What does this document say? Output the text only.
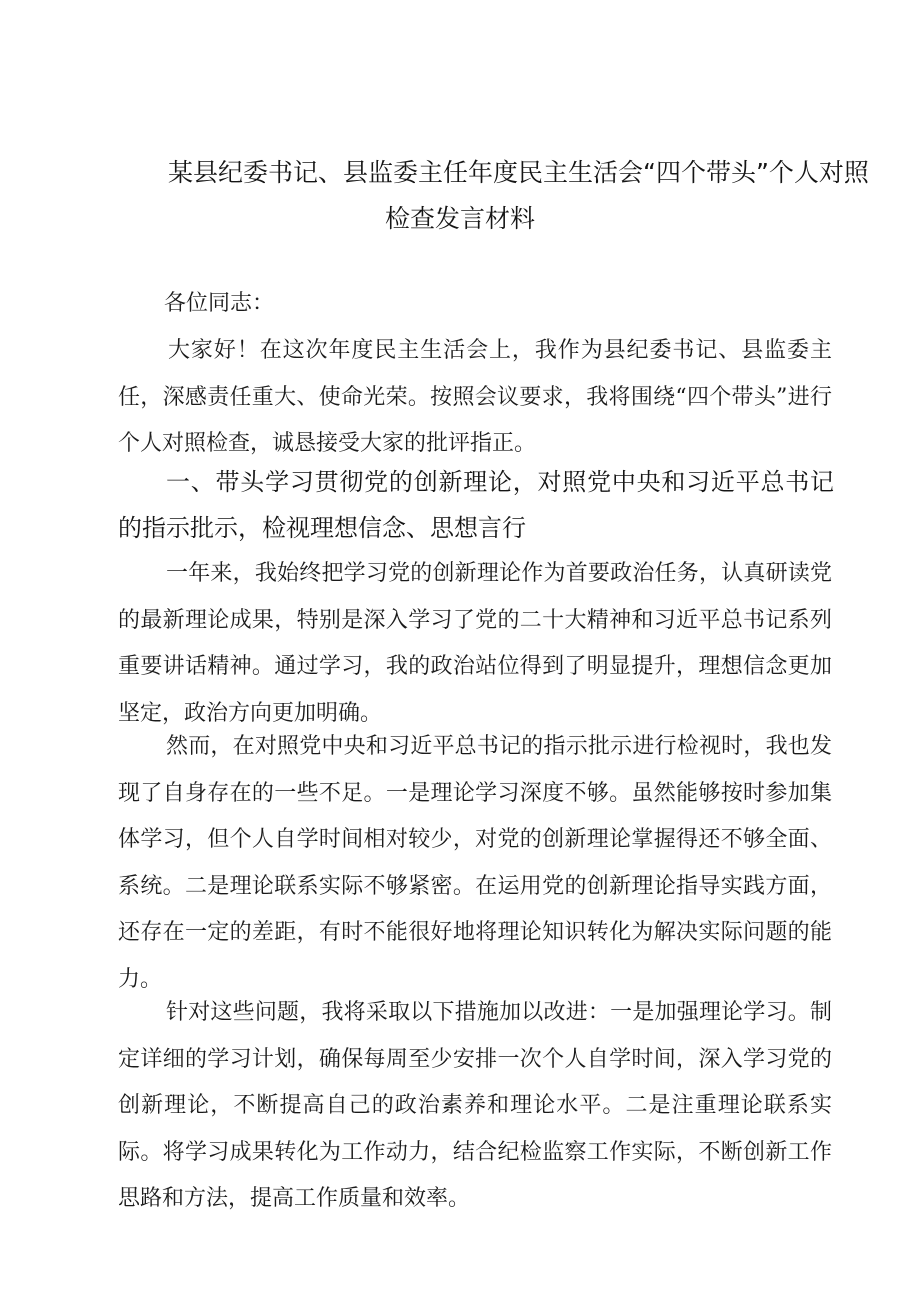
某县纪委书记、县监委主任年度民主生活会“四个带头”个人对照
检查发言材料
各位同志：
大家好！在这次年度民主生活会上，我作为县纪委书记、县监委主任，深感责任重大、使命光荣。按照会议要求，我将围绕“四个带头”进行个人对照检查，诚恳接受大家的批评指正。
一、带头学习贯彻党的创新理论，对照党中央和习近平总书记的指示批示，检视理想信念、思想言行
一年来，我始终把学习党的创新理论作为首要政治任务，认真研读党的最新理论成果，特别是深入学习了党的二十大精神和习近平总书记系列重要讲话精神。通过学习，我的政治站位得到了明显提升，理想信念更加坚定，政治方向更加明确。
然而，在对照党中央和习近平总书记的指示批示进行检视时，我也发现了自身存在的一些不足。一是理论学习深度不够。虽然能够按时参加集体学习，但个人自学时间相对较少，对党的创新理论掌握得还不够全面、系统。二是理论联系实际不够紧密。在运用党的创新理论指导实践方面，还存在一定的差距，有时不能很好地将理论知识转化为解决实际问题的能力。
针对这些问题，我将采取以下措施加以改进：一是加强理论学习。制定详细的学习计划，确保每周至少安排一次个人自学时间，深入学习党的创新理论，不断提高自己的政治素养和理论水平。二是注重理论联系实际。将学习成果转化为工作动力，结合纪检监察工作实际，不断创新工作思路和方法，提高工作质量和效率。
